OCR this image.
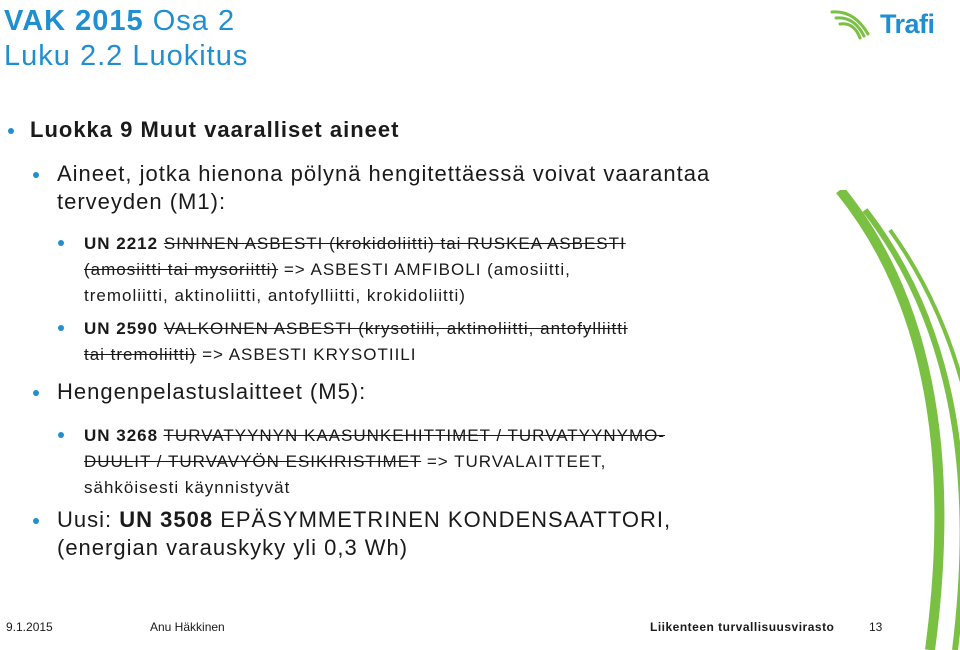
VAK 2015 Osa 2
Luku 2.2 Luokitus
Trafi
Luokka 9 Muut vaaralliset aineet
Aineet, jotka hienona pölynä hengitettäessä voivat vaarantaa
terveyden (M1):
UN 2212 SININEN ASBESTI (krokidoliitti) tai RUSKEA ASBESTI
(amosiitti tai mysoriitti) => ASBESTI AMFIBOLI (amosiitti,
tremoliitti, aktinoliitti, antofylliitti, krokidoliitti)
UN 2590 VALKOINEN ASBESTI (krysotiili, aktinoliitti, antofylliitti
tai tremoliitti) => ASBESTI KRYSOTIILI
Hengenpelastuslaitteet (M5):
UN 3268 TURVATYYNYN KAASUNKEHITTIMET / TURVATYYNYMO-
DUULIT / TURVAVYÖN ESIKIRISTIMET => TURVALAITTEET,
sähköisesti käynnistyvät
Uusi: UN 3508 EPÄSYMMETRINEN KONDENSAATTORI,
(energian varauskyky yli 0,3 Wh)
9.1.2015	Anu Häkkinen	Liikenteen turvallisuusvirasto	13
